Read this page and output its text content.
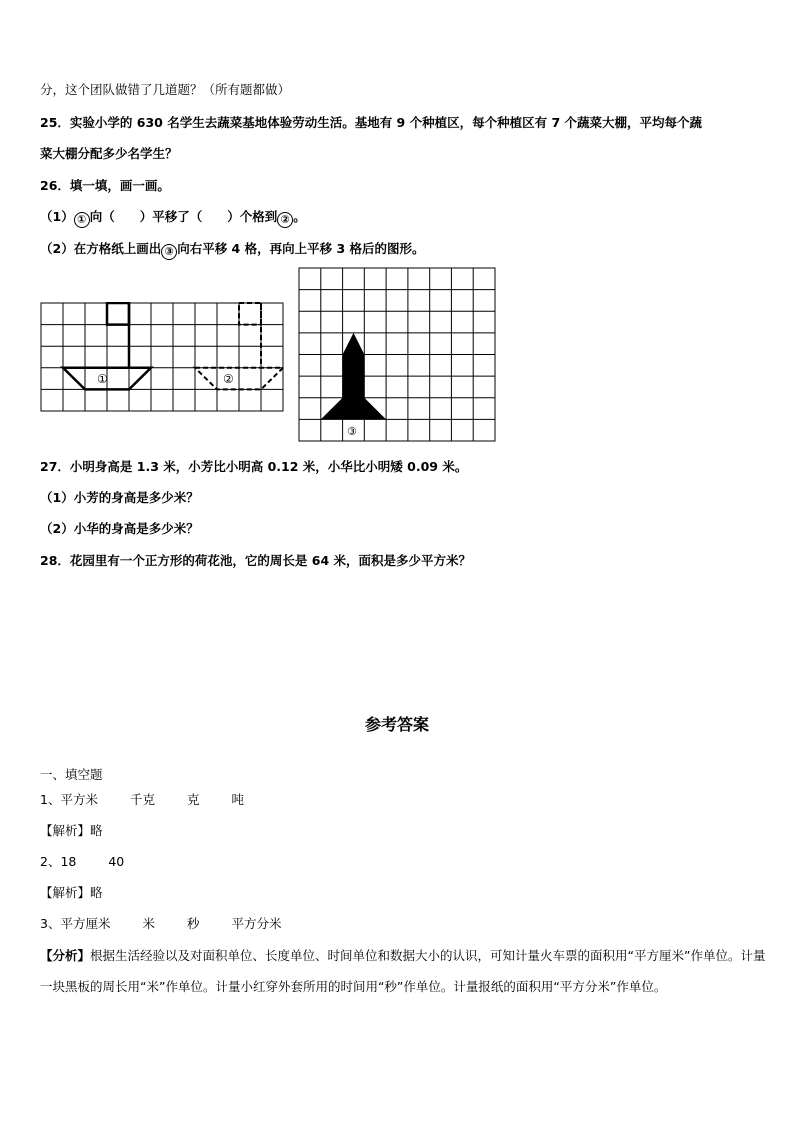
分，这个团队做错了几道题？（所有题都做）
25．实验小学的 630 名学生去蔬菜基地体验劳动生活。基地有 9 个种植区，每个种植区有 7 个蔬菜大棚，平均每个蔬
菜大棚分配多少名学生？
26．填一填，画一画。
（1） ① 向（　　）平移了（　　）个格到 ② 。
（2）在方格纸上画出 ③ 向右平移 4 格，再向上平移 3 格后的图形。
①	②
③
27．小明身高是 1.3 米，小芳比小明高 0.12 米，小华比小明矮 0.09 米。
（1）小芳的身高是多少米？
（2）小华的身高是多少米？
28．花园里有一个正方形的荷花池，它的周长是 64 米，面积是多少平方米？
参考答案
一、填空题
1、平方米	千克	克	吨
【解析】略
2、18	40
【解析】略
3、平方厘米	米	秒	平方分米
【分析】根据生活经验以及对面积单位、长度单位、时间单位和数据大小的认识，可知计量火车票的面积用“平方厘米”作单位。计量一块黑板的周长用“米”作单位。计量小红穿外套所用的时间用“秒”作单位。计量报纸的面积用“平方分米”作单位。
